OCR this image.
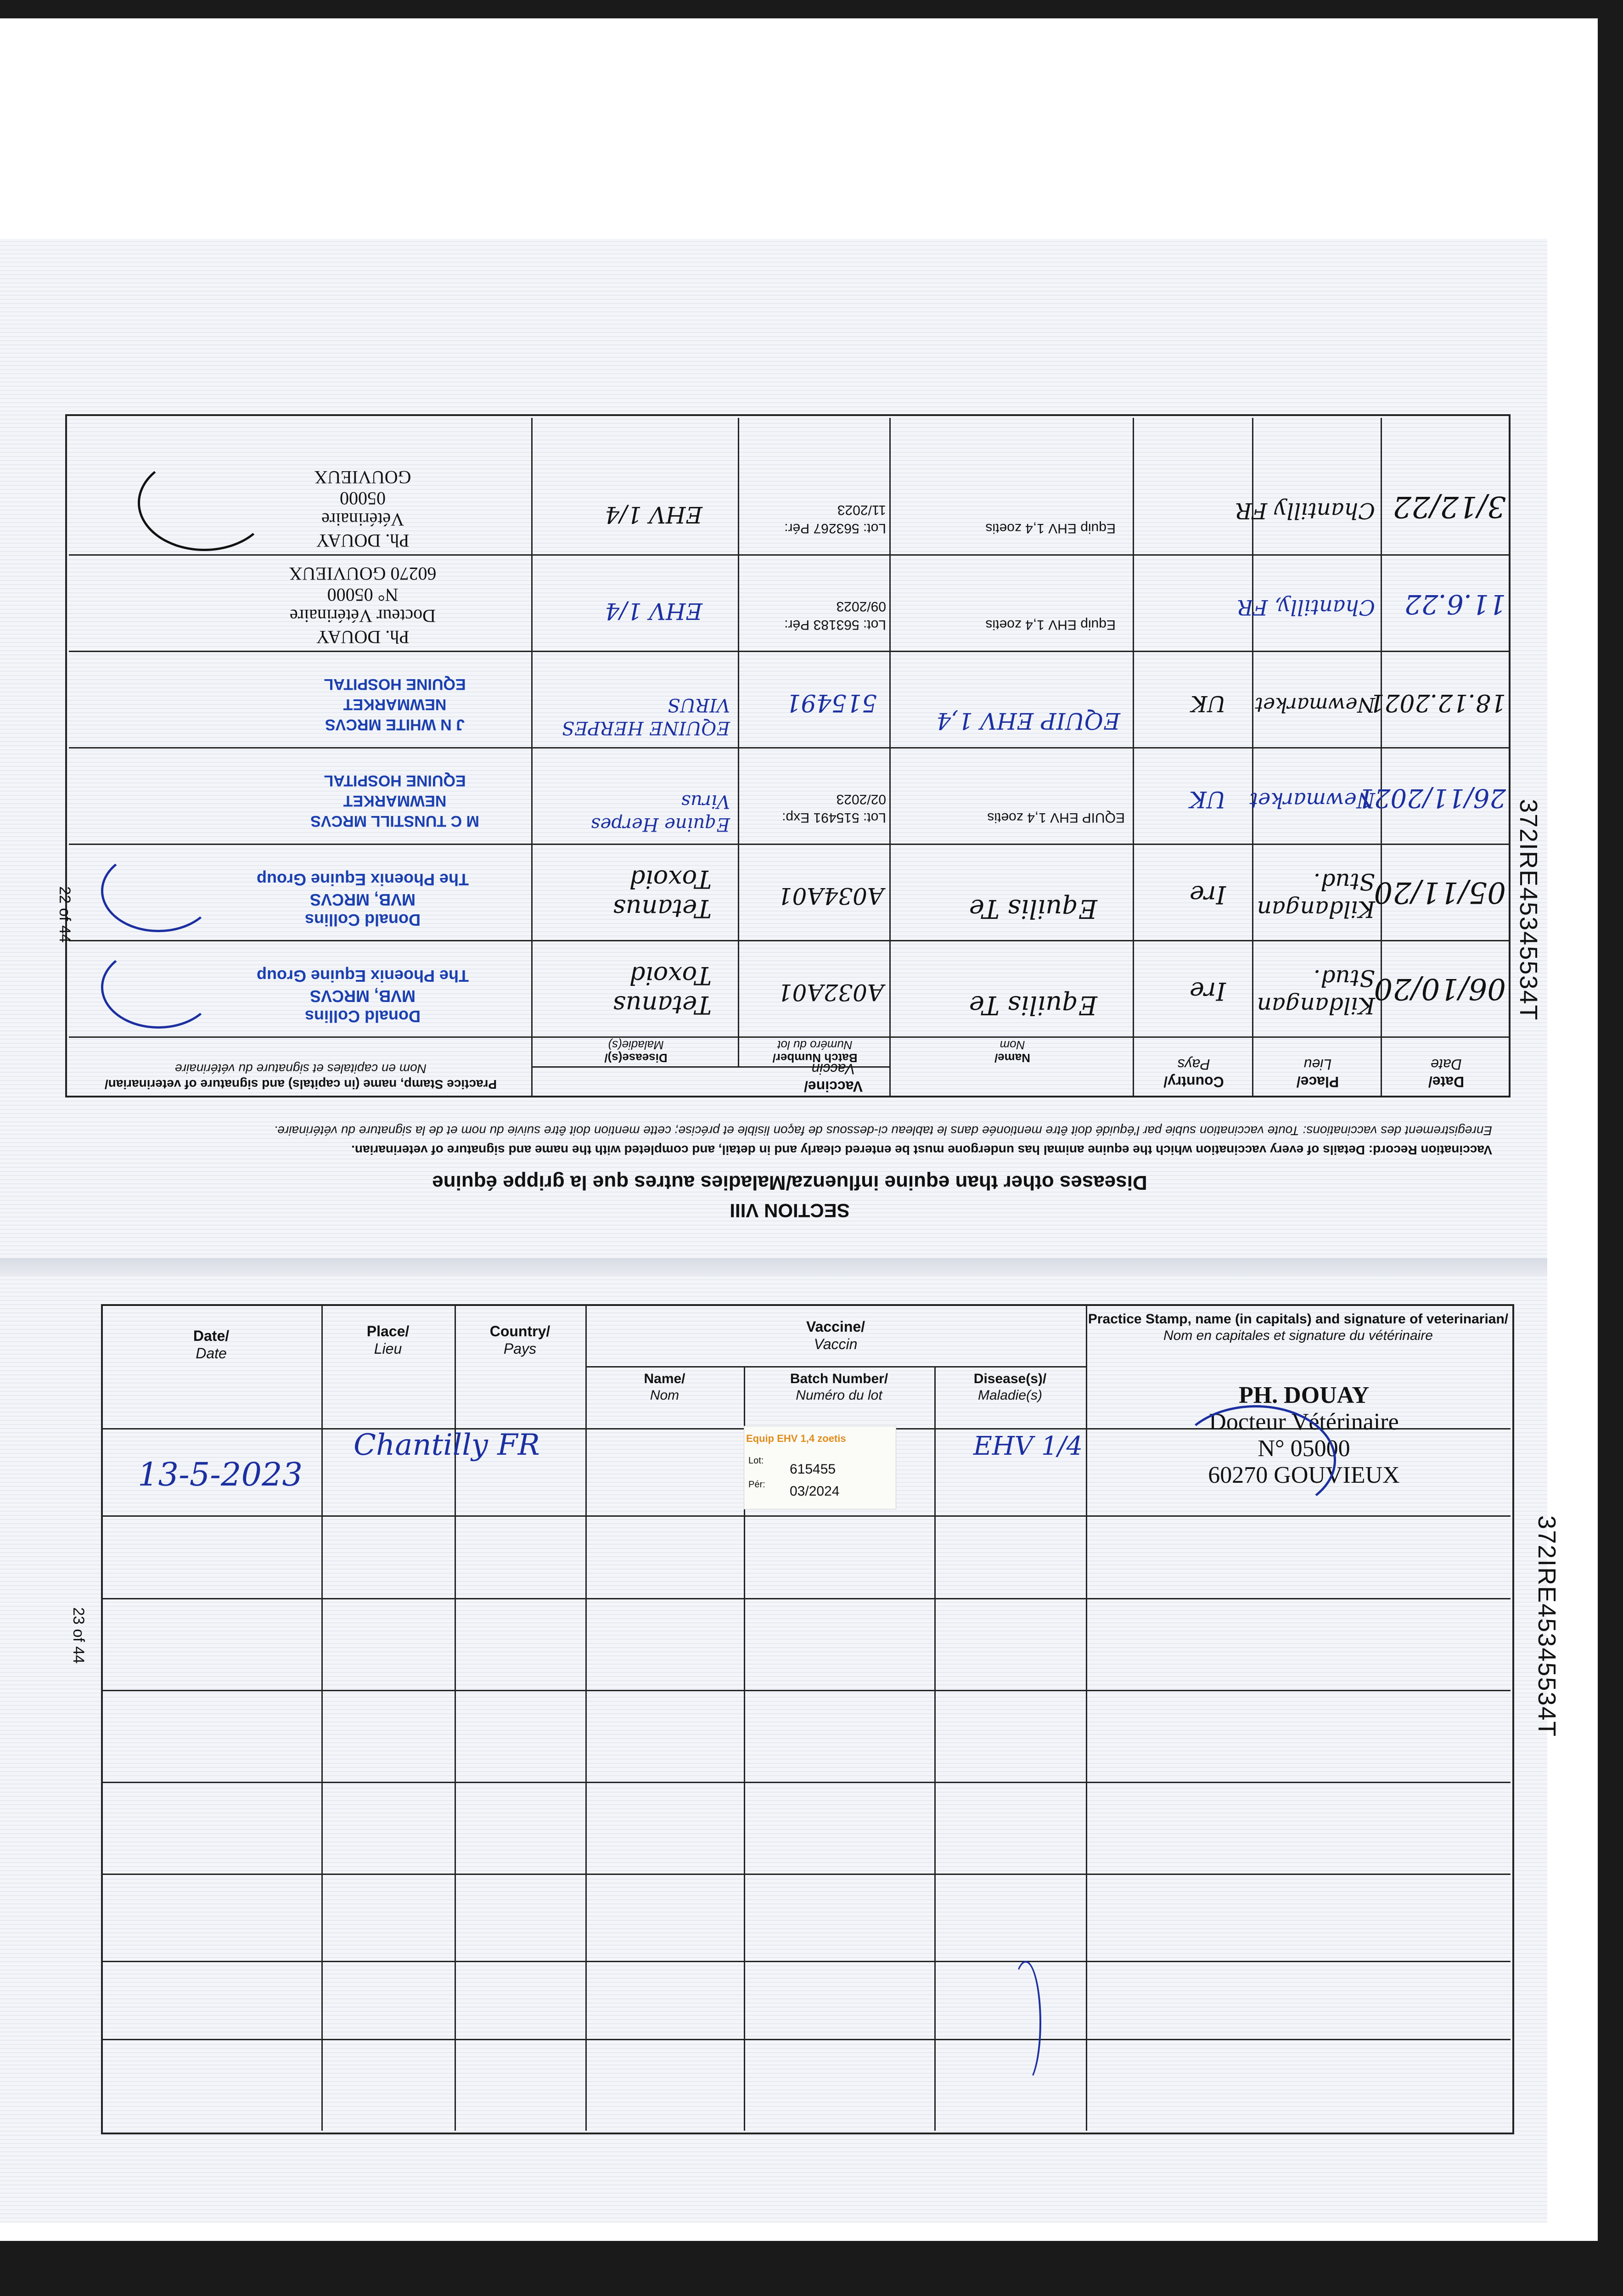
SECTION VIII
Diseases other than equine influenza/Maladies autres que la grippe équine
Vaccination Record: Details of every vaccination which the equine animal has undergone must be entered clearly and in detail, and completed with the name and signature of veterinarian.
Enregistrement des vaccinations: Toute vaccination subie par l'équidé doit être mentionée dans le tableau ci-dessous de façon lisible et précise; cette mention doit être suivie du nom et de la signature du vétérinaire.
Date/
Date
Place/
Lieu
Country/
Pays
Vaccine/
Vaccin
Name/
Nom
Batch Number/
Numéro du lot
Disease(s)/
Maladie(s)
Practice Stamp, name (in capitals) and signature of veterinarian/
Nom en capitales et signature du vétérinaire
06/10/20
Kildangan Stud.
Ire
Equilis Te
A032A01
Tetanus Toxoid
Donald Collins
MVB, MRCVS
The Phoenix Equine Group
05/11/20
Kildangan Stud.
Ire
Equilis Te
A034A01
Tetanus Toxoid
Donald Collins
MVB, MRCVS
The Phoenix Equine Group
26/11/2021
Newmarket
UK
EQUIP EHV 1,4 zoetis
Lot: 515491 Exp: 02/2023
Equine Herpes Virus
M C TUNSTILL MRCVS
NEWMARKET
EQUINE HOSPITAL
18.12.2021
Newmarket
UK
EQUIP EHV 1,4
515491
EQUINE HERPES VIRUS
J N WHITE MRCVS
NEWMARKET
EQUINE HOSPITAL
11.6.22
Chantilly, FR
Equip EHV 1,4 zoetis
Lot: 563183 Pér: 09/2023
EHV 1/4
Ph. DOUAY
Docteur Vétérinaire
N° 05000
60270 GOUVIEUX
3/12/22
Chantilly FR
Equip EHV 1,4 zoetis
Lot: 563267 Pér: 11/2023
EHV 1/4
Ph. DOUAY
Vétérinaire
05000
GOUVIEUX
372IRE45345534T
22 of 44
Date/
Date
Place/
Lieu
Country/
Pays
Vaccine/
Vaccin
Name/
Nom
Batch Number/
Numéro du lot
Disease(s)/
Maladie(s)
Practice Stamp, name (in capitals) and signature of veterinarian/
Nom en capitales et signature du vétérinaire
13-5-2023
Chantilly FR	Equip EHV 1,4 zoetis
Lot:
615455
Pér: 03/2024
EHV 1/4
PH. DOUAY
Docteur Vétérinaire
N° 05000
60270 GOUVIEUX
372IRE45345534T
23 of 44
